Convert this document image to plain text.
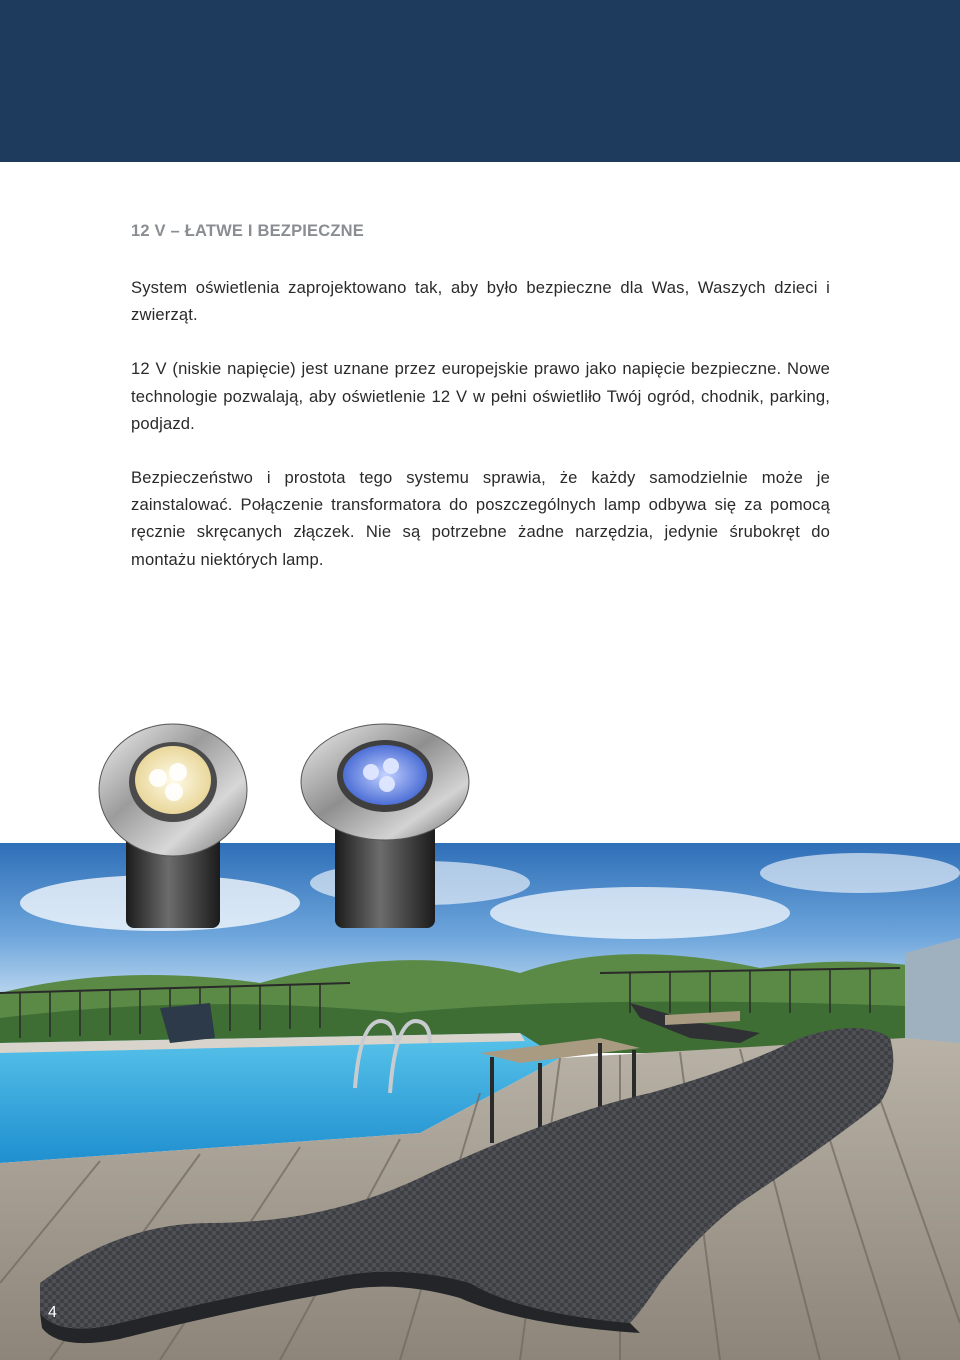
12 V – ŁATWE I BEZPIECZNE

System oświetlenia zaprojektowano tak, aby było bezpieczne dla Was, Waszych dzieci i zwierząt.

12 V (niskie napięcie) jest uznane przez europejskie prawo jako napięcie bezpieczne. Nowe technologie pozwalają, aby oświetlenie 12 V w pełni oświetliło Twój ogród, chodnik, parking, podjazd.

Bezpieczeństwo i prostota tego systemu sprawia, że każdy samodzielnie może je zainstalować. Połączenie transformatora do poszczególnych lamp odbywa się za pomocą ręcznie skręcanych złączek. Nie są potrzebne żadne narzędzia, jedynie śrubokręt do montażu niektórych lamp.

4
